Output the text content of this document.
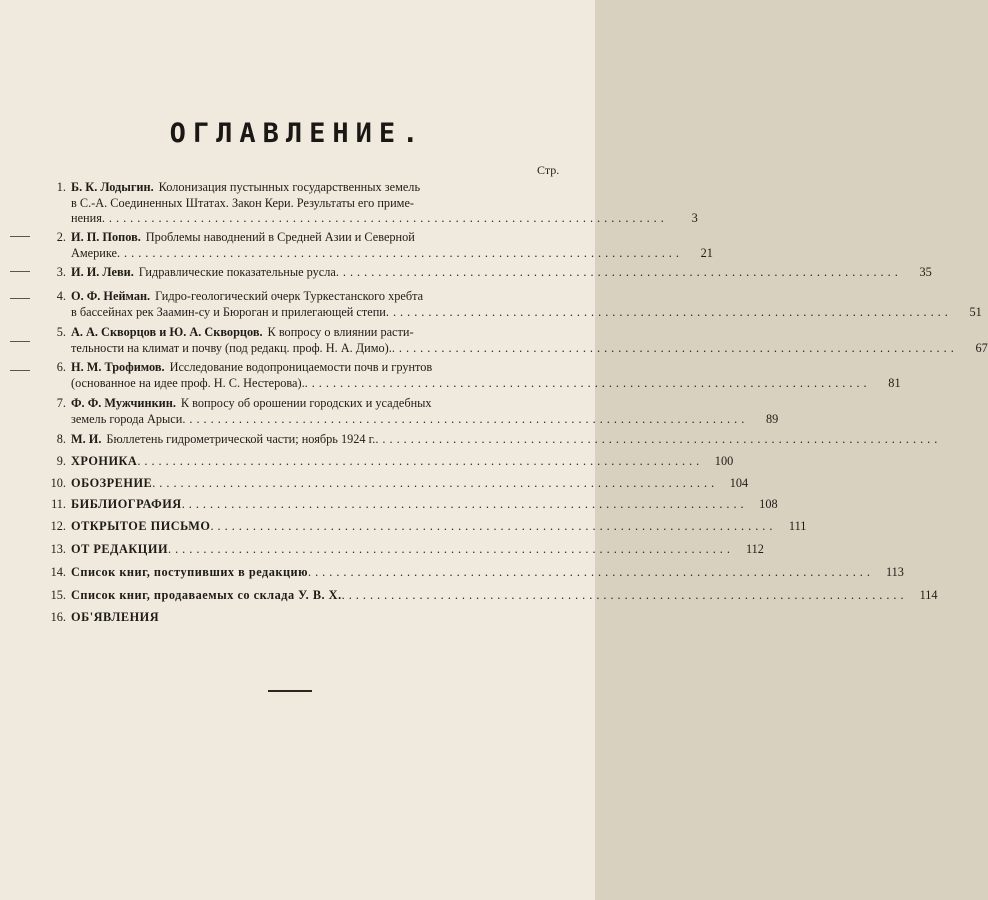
ОГЛАВЛЕНИЕ.
Стр.
1. Б. К. Лодыгин. Колонизация пустынных государственных земель
в С.-А. Соединенных Штатах. Закон Кери. Результаты его приме-
нения ................................................................................	3
2. И. П. Попов. Проблемы наводнений в Средней Азии и Северной
Америке ................................................................................	21
3. И. И. Леви. Гидравлические показательные русла ................................................................................	35
4. О. Ф. Нейман. Гидро-геологический очерк Туркестанского хребта
в бассейнах рек Заамин-су и Бюроган и прилегающей степи ................................................................................	51
5. А. А. Скворцов и Ю. А. Скворцов. К вопросу о влиянии расти-
тельности на климат и почву (под редакц. проф. Н. А. Димо). ................................................................................	67
6. Н. М. Трофимов. Исследование водопроницаемости почв и грунтов
(основанное на идее проф. Н. С. Нестерова). ................................................................................	81
7. Ф. Ф. Мужчинкин. К вопросу об орошении городских и усадебных
земель города Арыси ................................................................................	89
8. М. И. Бюллетень гидрометрической части; ноябрь 1924 г. ................................................................................
9. ХРОНИКА ................................................................................ 100
10. ОБОЗРЕНИЕ ................................................................................ 104
11. БИБЛИОГРАФИЯ ................................................................................ 108
12. ОТКРЫТОЕ ПИСЬМО ................................................................................	111
13. ОТ РЕДАКЦИИ ................................................................................ 112
14. Список книг, поступивших в редакцию ................................................................................ 113
15. Список книг, продаваемых со склада У. В. Х. ................................................................................ 114
16. ОБ'ЯВЛЕНИЯ
